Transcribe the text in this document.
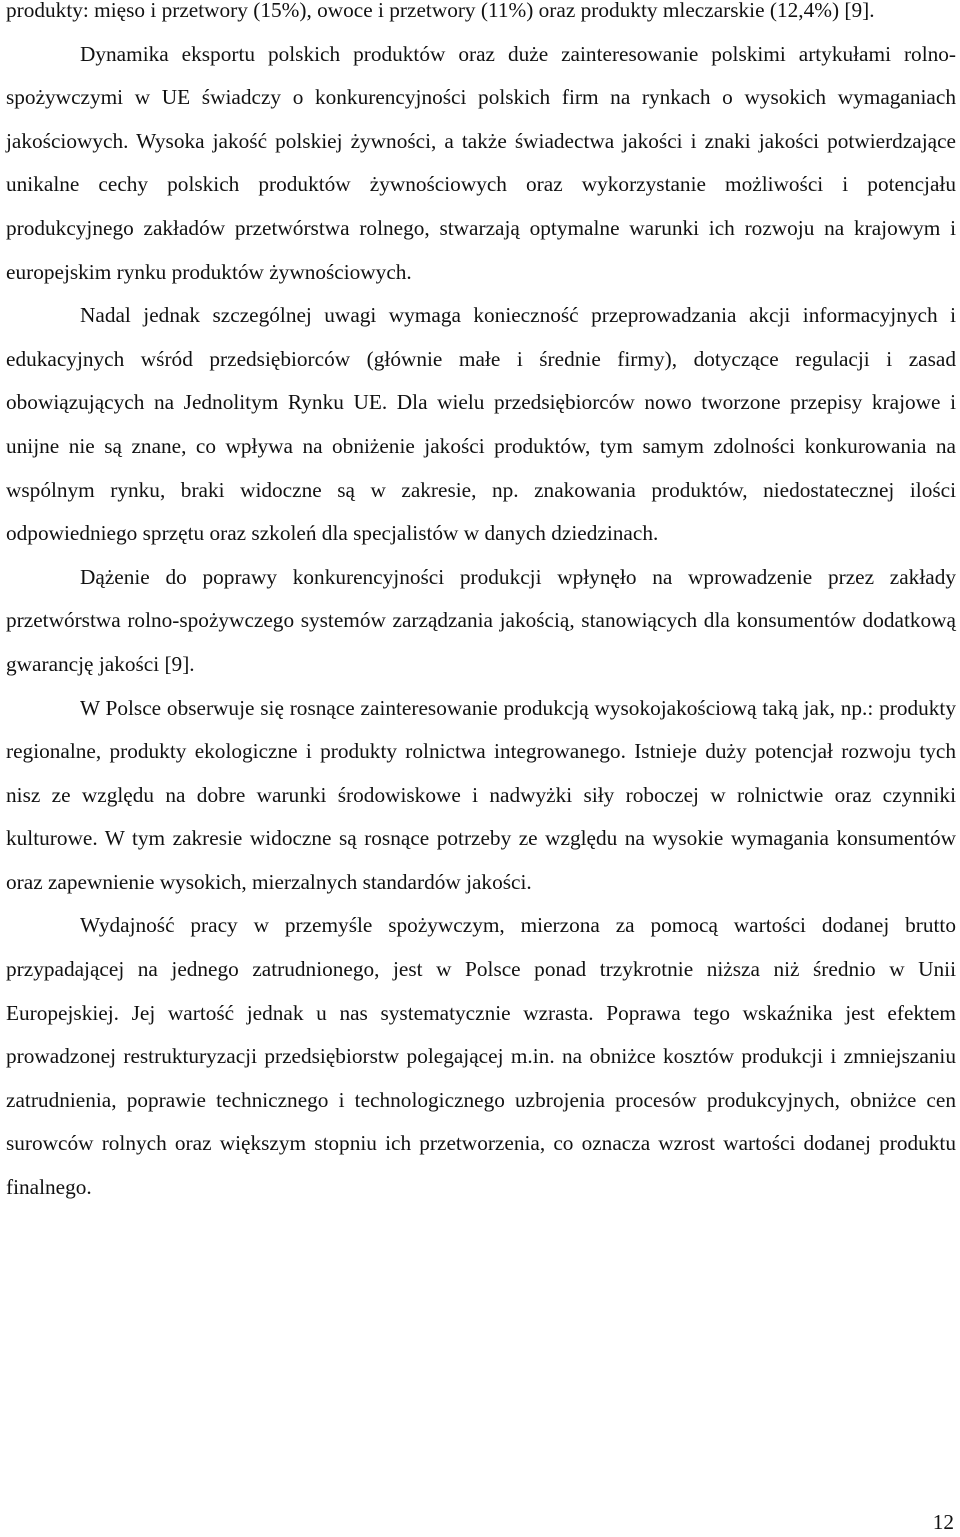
produkty: mięso i przetwory (15%), owoce i przetwory (11%) oraz produkty mleczarskie (12,4%) [9].

Dynamika eksportu polskich produktów oraz duże zainteresowanie polskimi artykułami rolno-spożywczymi w UE świadczy o konkurencyjności polskich firm na rynkach o wysokich wymaganiach jakościowych. Wysoka jakość polskiej żywności, a także świadectwa jakości i znaki jakości potwierdzające unikalne cechy polskich produktów żywnościowych oraz wykorzystanie możliwości i potencjału produkcyjnego zakładów przetwórstwa rolnego, stwarzają optymalne warunki ich rozwoju na krajowym i europejskim rynku produktów żywnościowych.

Nadal jednak szczególnej uwagi wymaga konieczność przeprowadzania akcji informacyjnych i edukacyjnych wśród przedsiębiorców (głównie małe i średnie firmy), dotyczące regulacji i zasad obowiązujących na Jednolitym Rynku UE. Dla wielu przedsiębiorców nowo tworzone przepisy krajowe i unijne nie są znane, co wpływa na obniżenie jakości produktów, tym samym zdolności konkurowania na wspólnym rynku, braki widoczne są w zakresie, np. znakowania produktów, niedostatecznej ilości odpowiedniego sprzętu oraz szkoleń dla specjalistów w danych dziedzinach.

Dążenie do poprawy konkurencyjności produkcji wpłynęło na wprowadzenie przez zakłady przetwórstwa rolno-spożywczego systemów zarządzania jakością, stanowiących dla konsumentów dodatkową gwarancję jakości [9].

W Polsce obserwuje się rosnące zainteresowanie produkcją wysokojakościową taką jak, np.: produkty regionalne, produkty ekologiczne i produkty rolnictwa integrowanego. Istnieje duży potencjał rozwoju tych nisz ze względu na dobre warunki środowiskowe i nadwyżki siły roboczej w rolnictwie oraz czynniki kulturowe. W tym zakresie widoczne są rosnące potrzeby ze względu na wysokie wymagania konsumentów oraz zapewnienie wysokich, mierzalnych standardów jakości.

Wydajność pracy w przemyśle spożywczym, mierzona za pomocą wartości dodanej brutto przypadającej na jednego zatrudnionego, jest w Polsce ponad trzykrotnie niższa niż średnio w Unii Europejskiej. Jej wartość jednak u nas systematycznie wzrasta. Poprawa tego wskaźnika jest efektem prowadzonej restrukturyzacji przedsiębiorstw polegającej m.in. na obniżce kosztów produkcji i zmniejszaniu zatrudnienia, poprawie technicznego i technologicznego uzbrojenia procesów produkcyjnych, obniżce cen surowców rolnych oraz większym stopniu ich przetworzenia, co oznacza wzrost wartości dodanej produktu finalnego.

12
